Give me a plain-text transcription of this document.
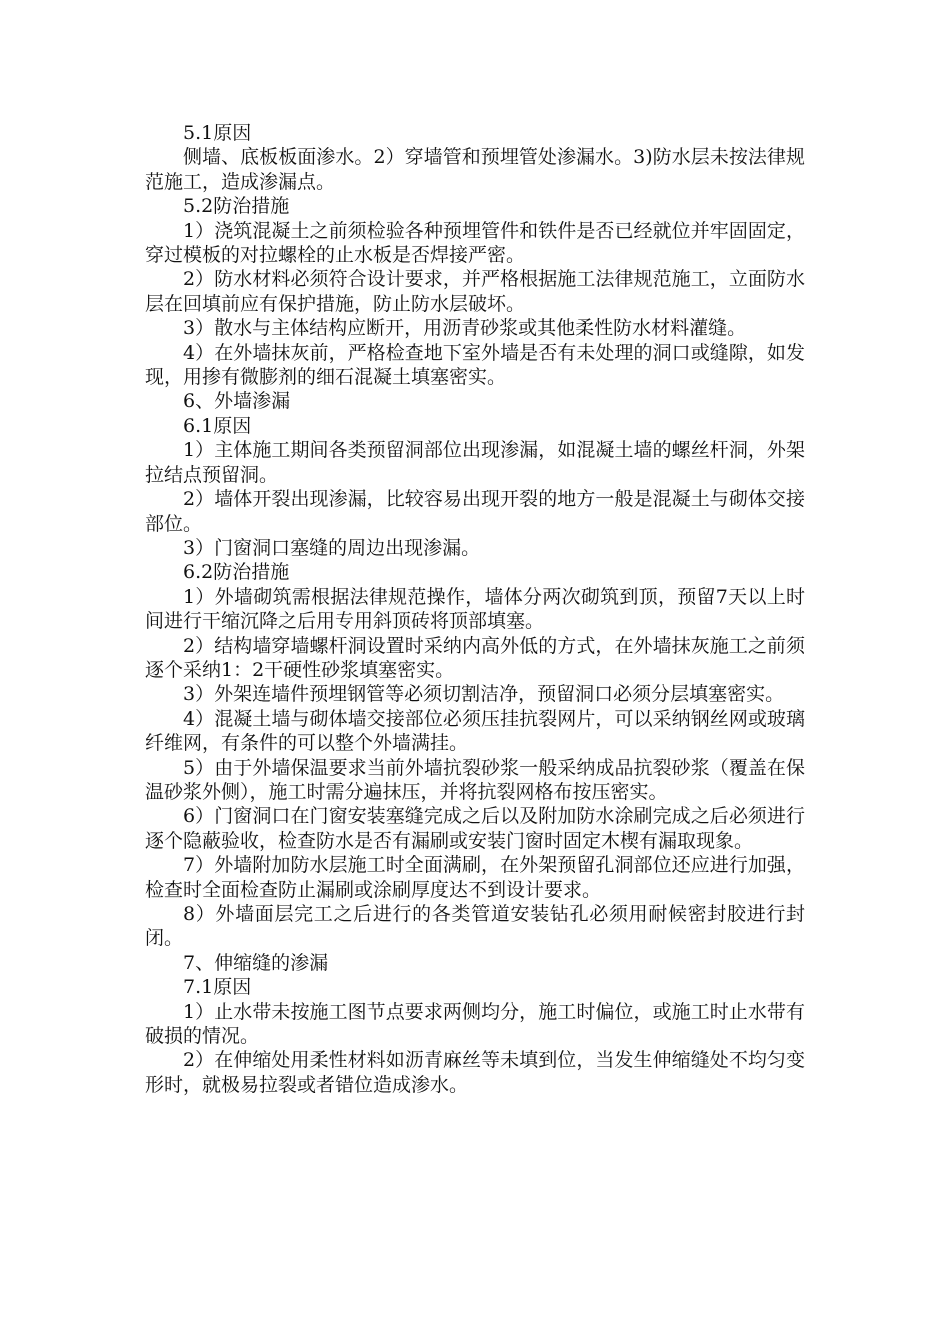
5.1原因

侧墙、底板板面渗水。2）穿墙管和预埋管处渗漏水。3)防水层未按法律规范施工，造成渗漏点。

5.2防治措施

1）浇筑混凝土之前须检验各种预埋管件和铁件是否已经就位并牢固固定，穿过模板的对拉螺栓的止水板是否焊接严密。

2）防水材料必须符合设计要求，并严格根据施工法律规范施工，立面防水层在回填前应有保护措施，防止防水层破坏。

3）散水与主体结构应断开，用沥青砂浆或其他柔性防水材料灌缝。

4）在外墙抹灰前，严格检查地下室外墙是否有未处理的洞口或缝隙，如发现，用掺有微膨剂的细石混凝土填塞密实。

6、外墙渗漏

6.1原因

1）主体施工期间各类预留洞部位出现渗漏，如混凝土墙的螺丝杆洞，外架拉结点预留洞。

2）墙体开裂出现渗漏，比较容易出现开裂的地方一般是混凝土与砌体交接部位。

3）门窗洞口塞缝的周边出现渗漏。

6.2防治措施

1）外墙砌筑需根据法律规范操作，墙体分两次砌筑到顶，预留7天以上时间进行干缩沉降之后用专用斜顶砖将顶部填塞。

2）结构墙穿墙螺杆洞设置时采纳内高外低的方式，在外墙抹灰施工之前须逐个采纳1：2干硬性砂浆填塞密实。

3）外架连墙件预埋钢管等必须切割洁净，预留洞口必须分层填塞密实。

4）混凝土墙与砌体墙交接部位必须压挂抗裂网片，可以采纳钢丝网或玻璃纤维网，有条件的可以整个外墙满挂。

5）由于外墙保温要求当前外墙抗裂砂浆一般采纳成品抗裂砂浆（覆盖在保温砂浆外侧），施工时需分遍抹压，并将抗裂网格布按压密实。

6）门窗洞口在门窗安装塞缝完成之后以及附加防水涂刷完成之后必须进行逐个隐蔽验收，检查防水是否有漏刷或安装门窗时固定木楔有漏取现象。

7）外墙附加防水层施工时全面满刷，在外架预留孔洞部位还应进行加强，检查时全面检查防止漏刷或涂刷厚度达不到设计要求。

8）外墙面层完工之后进行的各类管道安装钻孔必须用耐候密封胶进行封闭。

7、伸缩缝的渗漏

7.1原因

1）止水带未按施工图节点要求两侧均分，施工时偏位，或施工时止水带有破损的情况。

2）在伸缩处用柔性材料如沥青麻丝等未填到位，当发生伸缩缝处不均匀变形时，就极易拉裂或者错位造成渗水。
